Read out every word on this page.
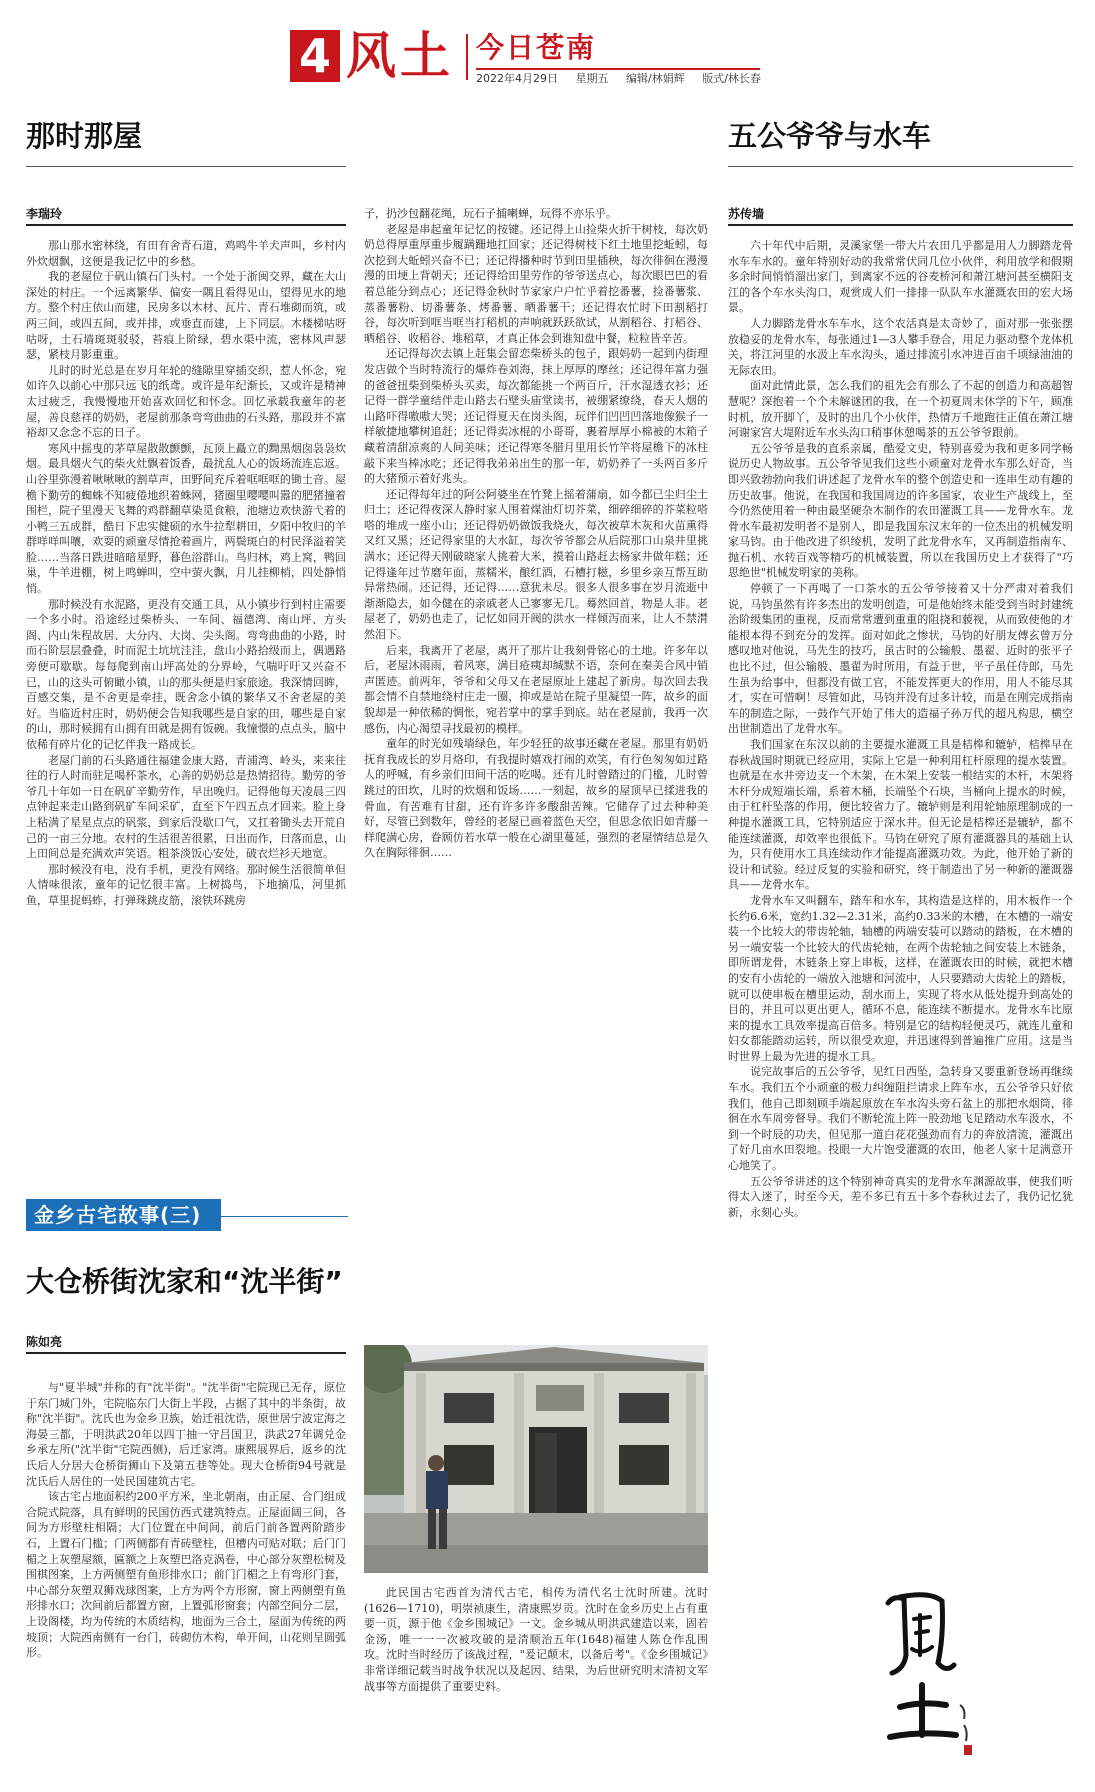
4 风土 今日苍南
2022年4月29日 星期五 编辑/林娟辉 版式/林长春
那时那屋
李瑞玲

那山那水密林绕，有田有舍青石道，鸡鸣牛羊犬声叫，乡村内外炊烟飘，这便是我记忆中的乡愁。

我的老屋位于矾山镇石门头村。一个处于浙闽交界，藏在大山深处的村庄。一个远离繁华、偏安一隅且看得见山，望得见水的地方。整个村庄依山而建，民房多以木材、瓦片、青石堆砌而筑，或两三间，或四五间，或并排，或垂直而建，上下同层。木楼梯咕呀咕呀，土石墙斑斑驳驳，苔痕上阶绿，碧水渠中流，密林风声瑟瑟，紧枝月影重重。

儿时的时光总是在岁月年轮的缝隙里穿插交织，惹人怀念，宛如许久以前心中那只远飞的纸鸢。或许是年纪渐长，又或许是精神太过疲乏，我慢慢地开始喜欢回忆和怀念。回忆承载我童年的老屋，善良慈祥的奶奶，老屋前那条弯弯曲曲的石头路，那段并不富裕却又念念不忘的日子。

寒风中摇曳的茅草屋散散颤颤，瓦顶上矗立的黝黑烟囱袅袅炊烟。最具烟火气的柴火灶飘着饭香，最扰乱人心的饭场流连忘返。山谷里弥漫着啾啾啾的割草声，田野间充斥着哐哐哐的锄土音。屋檐下勤劳的蜘蛛不知疲倦地织着蛛网，猪圈里嘤嘤叫嚣的肥猪撞着围栏，院子里漫天飞舞的鸡群翻草染觅食粮，池塘边欢快游弋着的小鸭三五成群，酷日下忠实健硕的水牛拉犁耕田，夕阳中牧归的羊群咩咩叫嚷，欢耍的顽童尽情抢着画片，两鬓斑白的村民泽溢着笑脸……当落日跌进暗暗星野，暮色浴群山。鸟归林，鸡上窝，鸭回巢，牛羊进棚，树上鸣蝉叫，空中萤火飘，月儿挂柳梢，四处静悄悄。

那时候没有水泥路，更没有交通工具，从小镇步行到村庄需要一个多小时。沿途经过柴桥头、一车间、福德湾、南山坪、方头阁、内山朱程故居、大分内、大岗、尖头阁。弯弯曲曲的小路，时而石阶层层叠叠，时而泥土坑坑洼洼，盘山小路拾级而上，偶遇路旁便可歇歇。每每爬到南山坪高处的分界岭，气喘吁吁又兴奋不已，山的这头可俯瞰小镇，山的那头便是归家旅途。我深情回眸，百感交集，是不舍更是牵挂，既舍念小镇的繁华又不舍老屋的美好。当临近村庄时，奶奶便会告知我哪些是自家的田，哪些是自家的山，那时候拥有山拥有田就是拥有饭碗。我憧憬的点点头，脑中依稀有碎片化的记忆伴我一路成长。

老屋门前的石头路通往福建金康大路，青浦湾、岭头，来来往往的行人时而驻足喝杯茶水，心善的奶奶总是热情招待。勤劳的爷爷几十年如一日在矾矿辛勤劳作，早出晚归。记得他每天凌晨三四点钟起来走山路到矾矿车间采矿，直至下午四五点才回来。脸上身上粘满了星星点点的矾浆，到家后没歇口气，又扛着锄头去开荒自己的一亩三分地。农村的生活很苦很累，日出而作，日落而息，山上田间总是充满欢声笑语。粗茶淡饭心安处，破衣烂衫天地宽。

那时候没有电，没有手机，更没有网络。那时候生活很简单但人情味很浓，童年的记忆很丰富。上树捣鸟，下地摘瓜，河里抓鱼，草里捉蚂蚱，打弹珠跳皮筋，滚铁环跳房

子，扔沙包翻花绳，玩石子捕喇蝉，玩得不亦乐乎。

老屋是串起童年记忆的按键。还记得上山捡柴火折干树枝，每次奶奶总得厚重厚重步履蹒跚地扛回家；还记得树枝下红土地里挖蚯蚓，每次挖到大蚯蚓兴奋不已；还记得播种时节到田里插秧，每次徘徊在漫漫漫的田埂上背朝天；还记得给田里劳作的爷爷送点心，每次眼巴巴的看着总能分到点心；还记得金秋时节家家户户忙乎着挖番薯，捡番薯浆、蒸番薯粉、切番薯条、烤番薯、晒番薯干；还记得农忙时下田割稻打谷，每次听到哐当哐当打稻机的声响就跃跃欲试，从割稻谷、打稻谷、晒稻谷、收稻谷、堆稻草，才真正体会到谁知盘中餐，粒粒皆辛苦。

还记得每次去镇上赶集会留恋柴桥头的包子，跟妈奶一起到内街理发店做个当时特流行的爆炸卷刘海，抹上厚厚的摩丝；还记得年富力强的爸爸扭柴到柴桥头买卖，每次都能挑一个两百斤，汗水湿透衣衫；还记得一群学童结伴走山路去石壁头庙堂读书，被绷紧缭绕，春天人烟的山路吓得嗷嗷大哭；还记得夏天在岗头阁，玩伴们凹凹凹落地像猴子一样敏捷地攀树追赶；还记得卖冰棍的小哥哥，裹着厚厚小棉被的木箱子藏着清甜凉爽的人间美味；还记得寒冬腊月里用长竹竿将屋檐下的冰柱敲下来当棒冰吃；还记得我弟弟出生的那一年，奶奶养了一头两百多斤的大猪预示着好兆头。

还记得每年过的阿公阿婆坐在竹凳上摇着蒲扇，如今都已尘归尘土归土；还记得夜深人静时家人围着煤油灯切芥菜，细碎细碎的芥菜粒嗒嗒的堆成一座小山；还记得奶奶做饭我烧火，每次被草木灰和火苗熏得又红又黑；还记得家里的大水缸，每次爷爷都会从后院那口山泉井里挑满水；还记得天刚破晓家人挑着大米，摸着山路赶去杨家井做年糕；还记得逢年过节磨年面，蒸糯米，酿红酒，石槽打糍，乡里乡亲互帮互助异常热闹。还记得，还记得……意犹未尽。很多人很多事在岁月流逝中渐渐隐去，如今健在的亲戚老人已寥寥无几。蓦然回首，物是人非。老屋老了，奶奶也走了，记忆如同开阀的洪水一样倾泻而来，让人不禁潸然泪下。

后来，我离开了老屋，离开了那片让我刻骨铭心的土地。许多年以后，老屋沐雨雨，着风寒，满目疮痍却缄默不语，奈何在秦美合风中销声匿迹。前两年，爷爷和父母又在老屋原址上建起了新房。每次回去我都会情不自禁地绕村庄走一圈，抑或是站在院子里凝望一阵，故乡的面貌却是一种依稀的惆怅，宛若掌中的掌手到底。站在老屋前，我再一次感伤，内心渴望寻找最初的模样。

童年的时光如残墙绿色，年少轻狂的故事还藏在老屋。那里有奶奶抚育我成长的岁月烙印，有我提时嬉戏打闹的欢笑，有行色匆匆如过路人的呼喊，有乡亲们田间干活的吃喝。还有儿时曾踏过的门槛，儿时曾跳过的田坎，儿时的炊烟和饭场……一刻起，故乡的屋顶早已揉进我的骨血，有苦难有甘甜，还有许多许多酸甜苦辣。它储存了过去种种美好，尽管已到数年，曾经的老屋已画着蓝色天空，但思念依旧如青藤一样爬满心房，眷顾仿若水草一般在心湖里蔓延，强烈的老屋情结总是久久在胸际徘徊……

五公爷爷与水车
苏传墙

六十年代中后期，灵溪家堡一带大片农田几乎都是用人力脚踏龙骨水车车水的。童年特别好动的我常常伏同几位小伙伴，利用放学和假期多余时间悄悄溜出家门，到离家不远的谷麦桥河和萧江塘河甚至横阳支江的各个车水头沟口，观赏成人们一排排一队队车水灌溉农田的宏大场景。

人力脚踏龙骨水车车水，这个农活真是太奇妙了，面对那一张张摆放稳妥的龙骨水车，每张通过1—3人攀手登合，用足力驱动整个龙体机关，将江河里的水汲上车水沟头，通过排流引水冲进百亩千顷绿油油的无际农田。

面对此情此景，怎么我们的祖先会有那么了不起的创造力和高超智慧呢？深抱着一个个未解谜团的我，在一个初夏周末休学的下午，顾准时机，放开脚丫，及时的出几个小伙伴，热情万千地跑往正值在萧江塘河谢家宫大堤附近车水头沟口稍事休憩喝茶的五公爷爷跟前。

五公爷爷是我的直系亲属，酷爱文史，特别喜爱为我和更多同学畅说历史人物故事。五公爷爷见我们这些小顽童对龙骨水车那么好奇，当即兴致勃勃向我们讲述起了龙骨水车的整个创造史和一连串生动有趣的历史故事。他说，在我国和我国周边的许多国家，农业生产战线上，至今仍然使用着一种由最坚硬杂木制作的农田灌溉工具——龙骨水车。龙骨水车最初发明者不是别人，即是我国东汉末年的一位杰出的机械发明家马钧。由于他改进了织绫机，发明了此龙骨水车，又再制造指南车、抛石机、水转百戏等精巧的机械装置，所以在我国历史上才获得了"巧思绝世"机械发明家的美称。

停顿了一下再喝了一口茶水的五公爷爷接着又十分严肃对着我们说，马钧虽然有许多杰出的发明创造，可是他始终未能受到当时封建统治阶级集团的重视，反而常常遭到重重的阻挠和藐视，从而致使他的才能根本得不到充分的发挥。面对如此之惨状，马钧的好朋友傅玄曾万分感叹地对他说，马先生的技巧，虽古时的公输般、墨翟、近时的张平子也比不过，但公输般、墨翟为时所用，有益于世，平子虽任侍郎，马先生虽为给事中，但都没有做工官，不能发挥更大的作用，用人不能尽其才，实在可惜啊！尽管如此，马钧并没有过多计较，而是在刚完成指南车的制造之际，一鼓作气开始了伟大的造福子孙万代的超凡构思，横空出世制造出了龙骨水车。

我们国家在东汉以前的主要提水灌溉工具是桔槔和辘轳，桔槔早在春秋战国时期就已经应用，实际上它是一种利用杠杆原理的提水装置。也就是在水井旁边支一个木架，在木架上安装一根结实的木杆，木架将木杆分成短端长端，系着木桶，长端坠个石块，当桶向上提水的时候，由于杠杆坠落的作用，便比较省力了。辘轳则是利用轮轴原理制成的一种提水灌溉工具，它特别适应于深水井。但无论是桔槔还是辘轳，都不能连续灌溉，却效率也很低下。马钧在研究了原有灌溉器具的基础上认为，只有使用水工具连续动作才能提高灌溉功效。为此，他开始了新的设计和试验。经过反复的实验和研究，终于制造出了另一种新的灌溉器具——龙骨水车。

龙骨水车又叫翻车，踏车和水车，其构造是这样的，用木板作一个长约6.6米，宽约1.32—2.31米，高约0.33米的木槽，在木槽的一端安装一个比较大的带齿轮轴，轴槽的两端安装可以踏动的踏板，在木槽的另一端安装一个比较大的代齿轮轴，在两个齿轮轴之间安装上木链条，即所谓龙骨，木链条上穿上串板，这样，在灌溉农田的时候，就把木槽的安有小齿轮的一端放入池塘和河流中，人只要踏动大齿轮上的踏板，就可以使串板在槽里运动，刮水而上，实现了将水从低处提升到高处的目的，并且可以更出更人，循环不息，能连续不断提水。龙骨水车比原来的提水工具效率提高百倍多。特别是它的结构轻便灵巧，就连儿童和妇女都能踏动运转，所以很受欢迎，并迅速得到普遍推广应用。这是当时世界上最为先进的提水工具。

说完故事后的五公爷爷，见红日西坠，急转身又要重新登场再继续车水。我们五个小顽童的极力纠缠阻拦请求上阵车水，五公爷爷只好依我们，他自己即刻顾手端起原放在车水沟头旁石盆上的那把水烟筒，徘徊在水车周旁督导。我们不断轮流上阵一股劲地飞足踏动水车汲水，不到一个时辰的功夫，但见那一道白花花强劲而有力的奔放清流，灌溉出了好几亩水田裂地。投眼一大片饱受灌溉的农田，他老人家十足满意开心地笑了。

五公爷爷讲述的这个特别神奇真实的龙骨水车渊源故事，使我们听得太入迷了，时至今天，差不多已有五十多个春秋过去了，我仍记忆犹新，永刻心头。

金乡古宅故事(三)
大仓桥街沈家和“沈半街”
陈如亮

与"夏半城"并称的有"沈半街"。"沈半街"宅院现已无存，原位于东门城门外，宅院临东门大街上半段，占据了其中的半条街，故称"沈半街"。沈氏也为金乡卫族，始迁祖沈诰，原世居宁波定海之海晏三都，于明洪武20年以四丁抽一守吕国卫，洪武27年调兑金乡承左所("沈半街"宅院西侧)，后迁家湾。康熙展界后，返乡的沈氏后人分居大仓桥街狮山下及第五巷等处。现大仓桥街94号就是沈氏后人居住的一处民国建筑古宅。

该古宅占地面积约200平方米，坐北朝南，由正屋、合门组成合院式院落，具有鲜明的民国仿西式建筑特点。正屋面阔三间，各间为方形壁柱相隔；大门位置在中间间，前后门前各置两阶踏步石，上置石门槛；门两侧都有青砖壁柱，但槽内可贴对联；后门门楣之上灰塑屋额，匾额之上灰塑巴洛克涡卷，中心部分灰塑松树及围棋图案，上方两侧塑有鱼形排水口；前门门楣之上有弯形门套，中心部分灰塑双狮戏球图案，上方为两个方形窗，窗上两侧塑有鱼形排水口；次间前后都置方窗，上置弧形窗套；内部空间分二层，上设阁楼，均为传统的木质结构，地面为三合土，屋面为传统的两坡顶；大院西南侧有一台门，砖砌仿木构，单开间，山花则呈圆弧形。

此民国古宅西首为清代古宅，相传为清代名士沈时所建。沈时(1626—1710)，明崇祯康生，清康熙岁贡。沈时在金乡历史上占有重要一页，源于他《金乡围城记》一文。金乡城从明洪武建造以来，固若金汤，唯一一一次被攻破的是清顺治五年(1648)福建人陈仓作乱围攻。沈时当时经历了该战过程，"爰记颠末，以备后考"。《金乡围城记》非常详细记载当时战争状况以及起因、结果，为后世研究明末清初文军战事等方面提供了重要史料。
